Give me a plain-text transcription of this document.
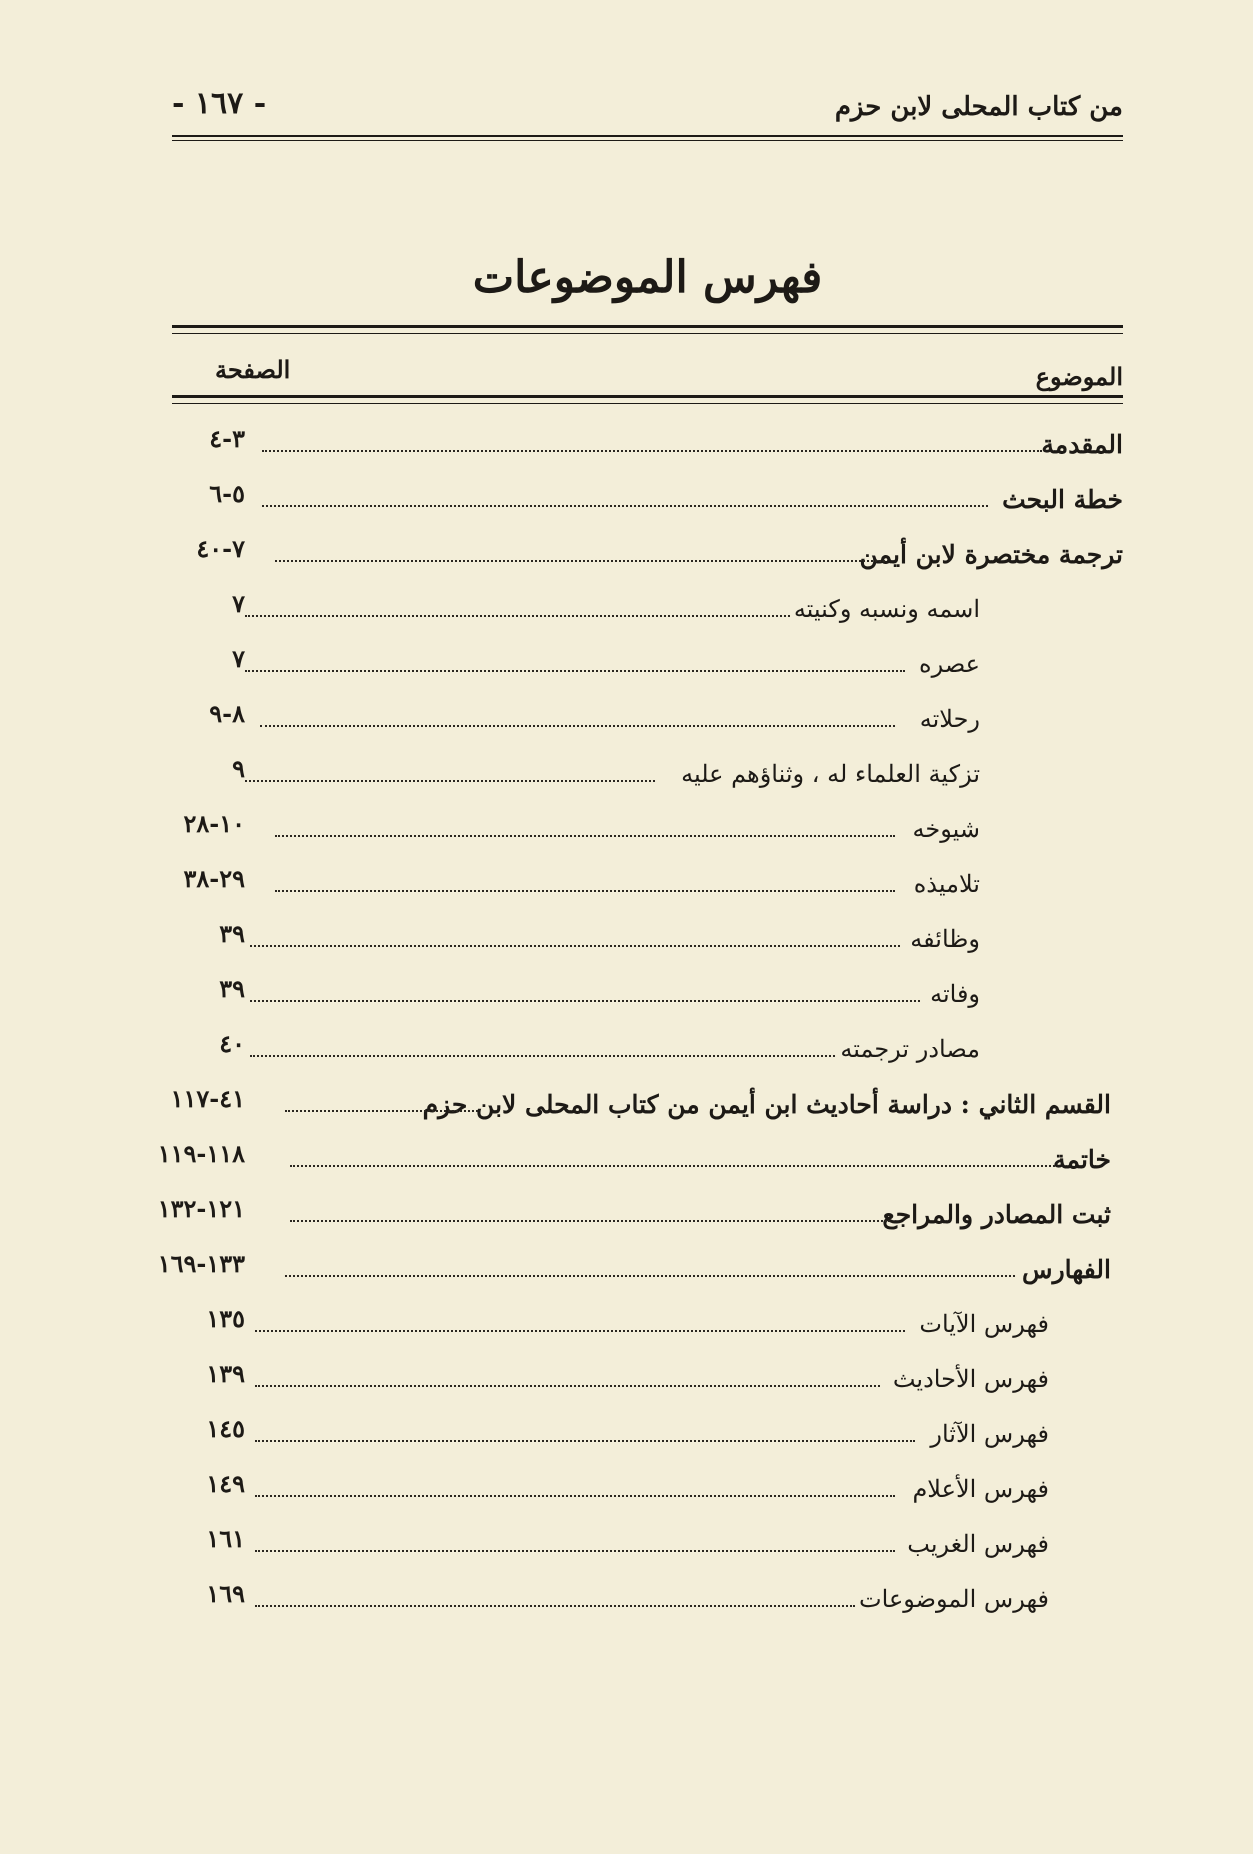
من كتاب المحلى لابن حزم
- ١٦٧ -
فهرس الموضوعات
الموضوع
الصفحة
المقدمة
٣-٤
خطة البحث
٥-٦
ترجمة مختصرة لابن أيمن
٧-٤٠
اسمه ونسبه وكنيته
٧
عصره
٧
رحلاته
٨-٩
تزكية العلماء له ، وثناؤهم عليه
٩
شيوخه
١٠-٢٨
تلاميذه
٢٩-٣٨
وظائفه
٣٩
وفاته
٣٩
مصادر ترجمته
٤٠
القسم الثاني : دراسة أحاديث ابن أيمن من كتاب المحلى لابن حزم
٤١-١١٧
خاتمة
١١٨-١١٩
ثبت المصادر والمراجع
١٢١-١٣٢
الفهارس
١٣٣-١٦٩
فهرس الآيات
١٣٥
فهرس الأحاديث
١٣٩
فهرس الآثار
١٤٥
فهرس الأعلام
١٤٩
فهرس الغريب
١٦١
فهرس الموضوعات
١٦٩
